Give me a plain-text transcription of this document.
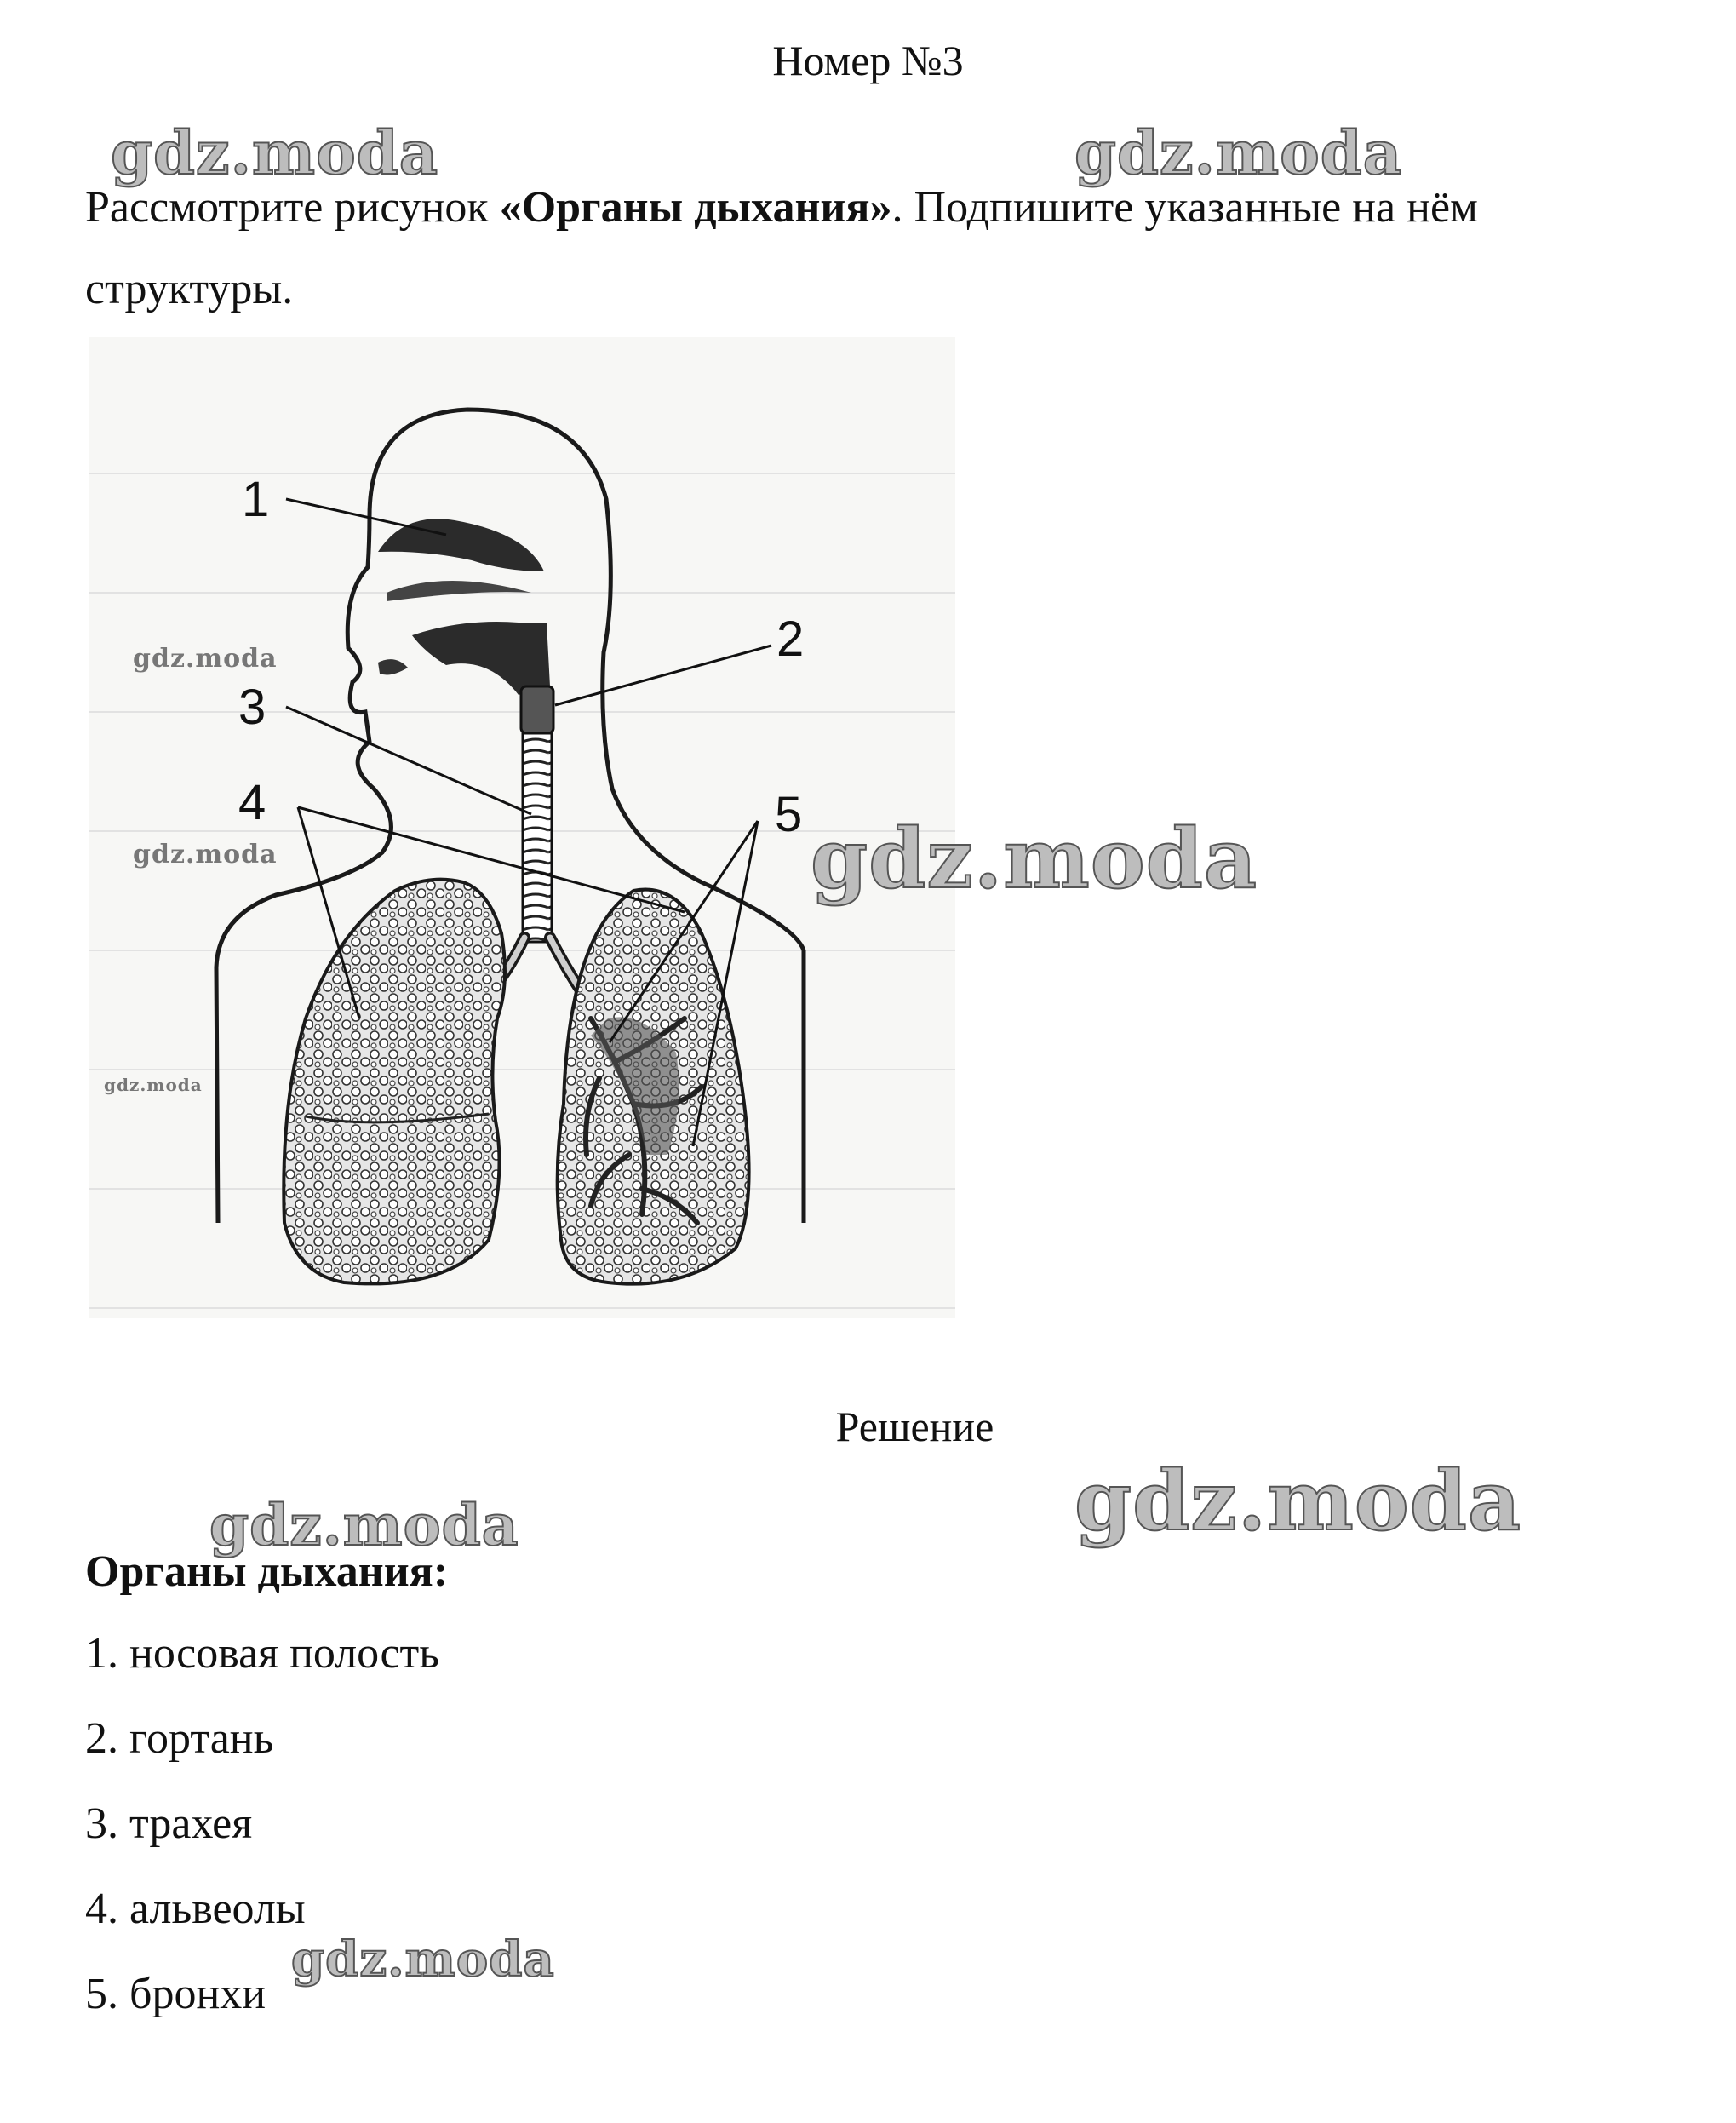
Номер №3

Рассмотрите рисунок «Органы дыхания». Подпишите указанные на нём структуры.

1
2
3
4	5
Решение
Органы дыхания:
1. носовая полость
2. гортань
3. трахея
4. альвеолы
5. бронхи
gdz.moda	gdz.moda
gdz.moda
gdz.moda
gdz.moda
gdz.moda
gdz.moda
gdz.moda
gdz.moda
